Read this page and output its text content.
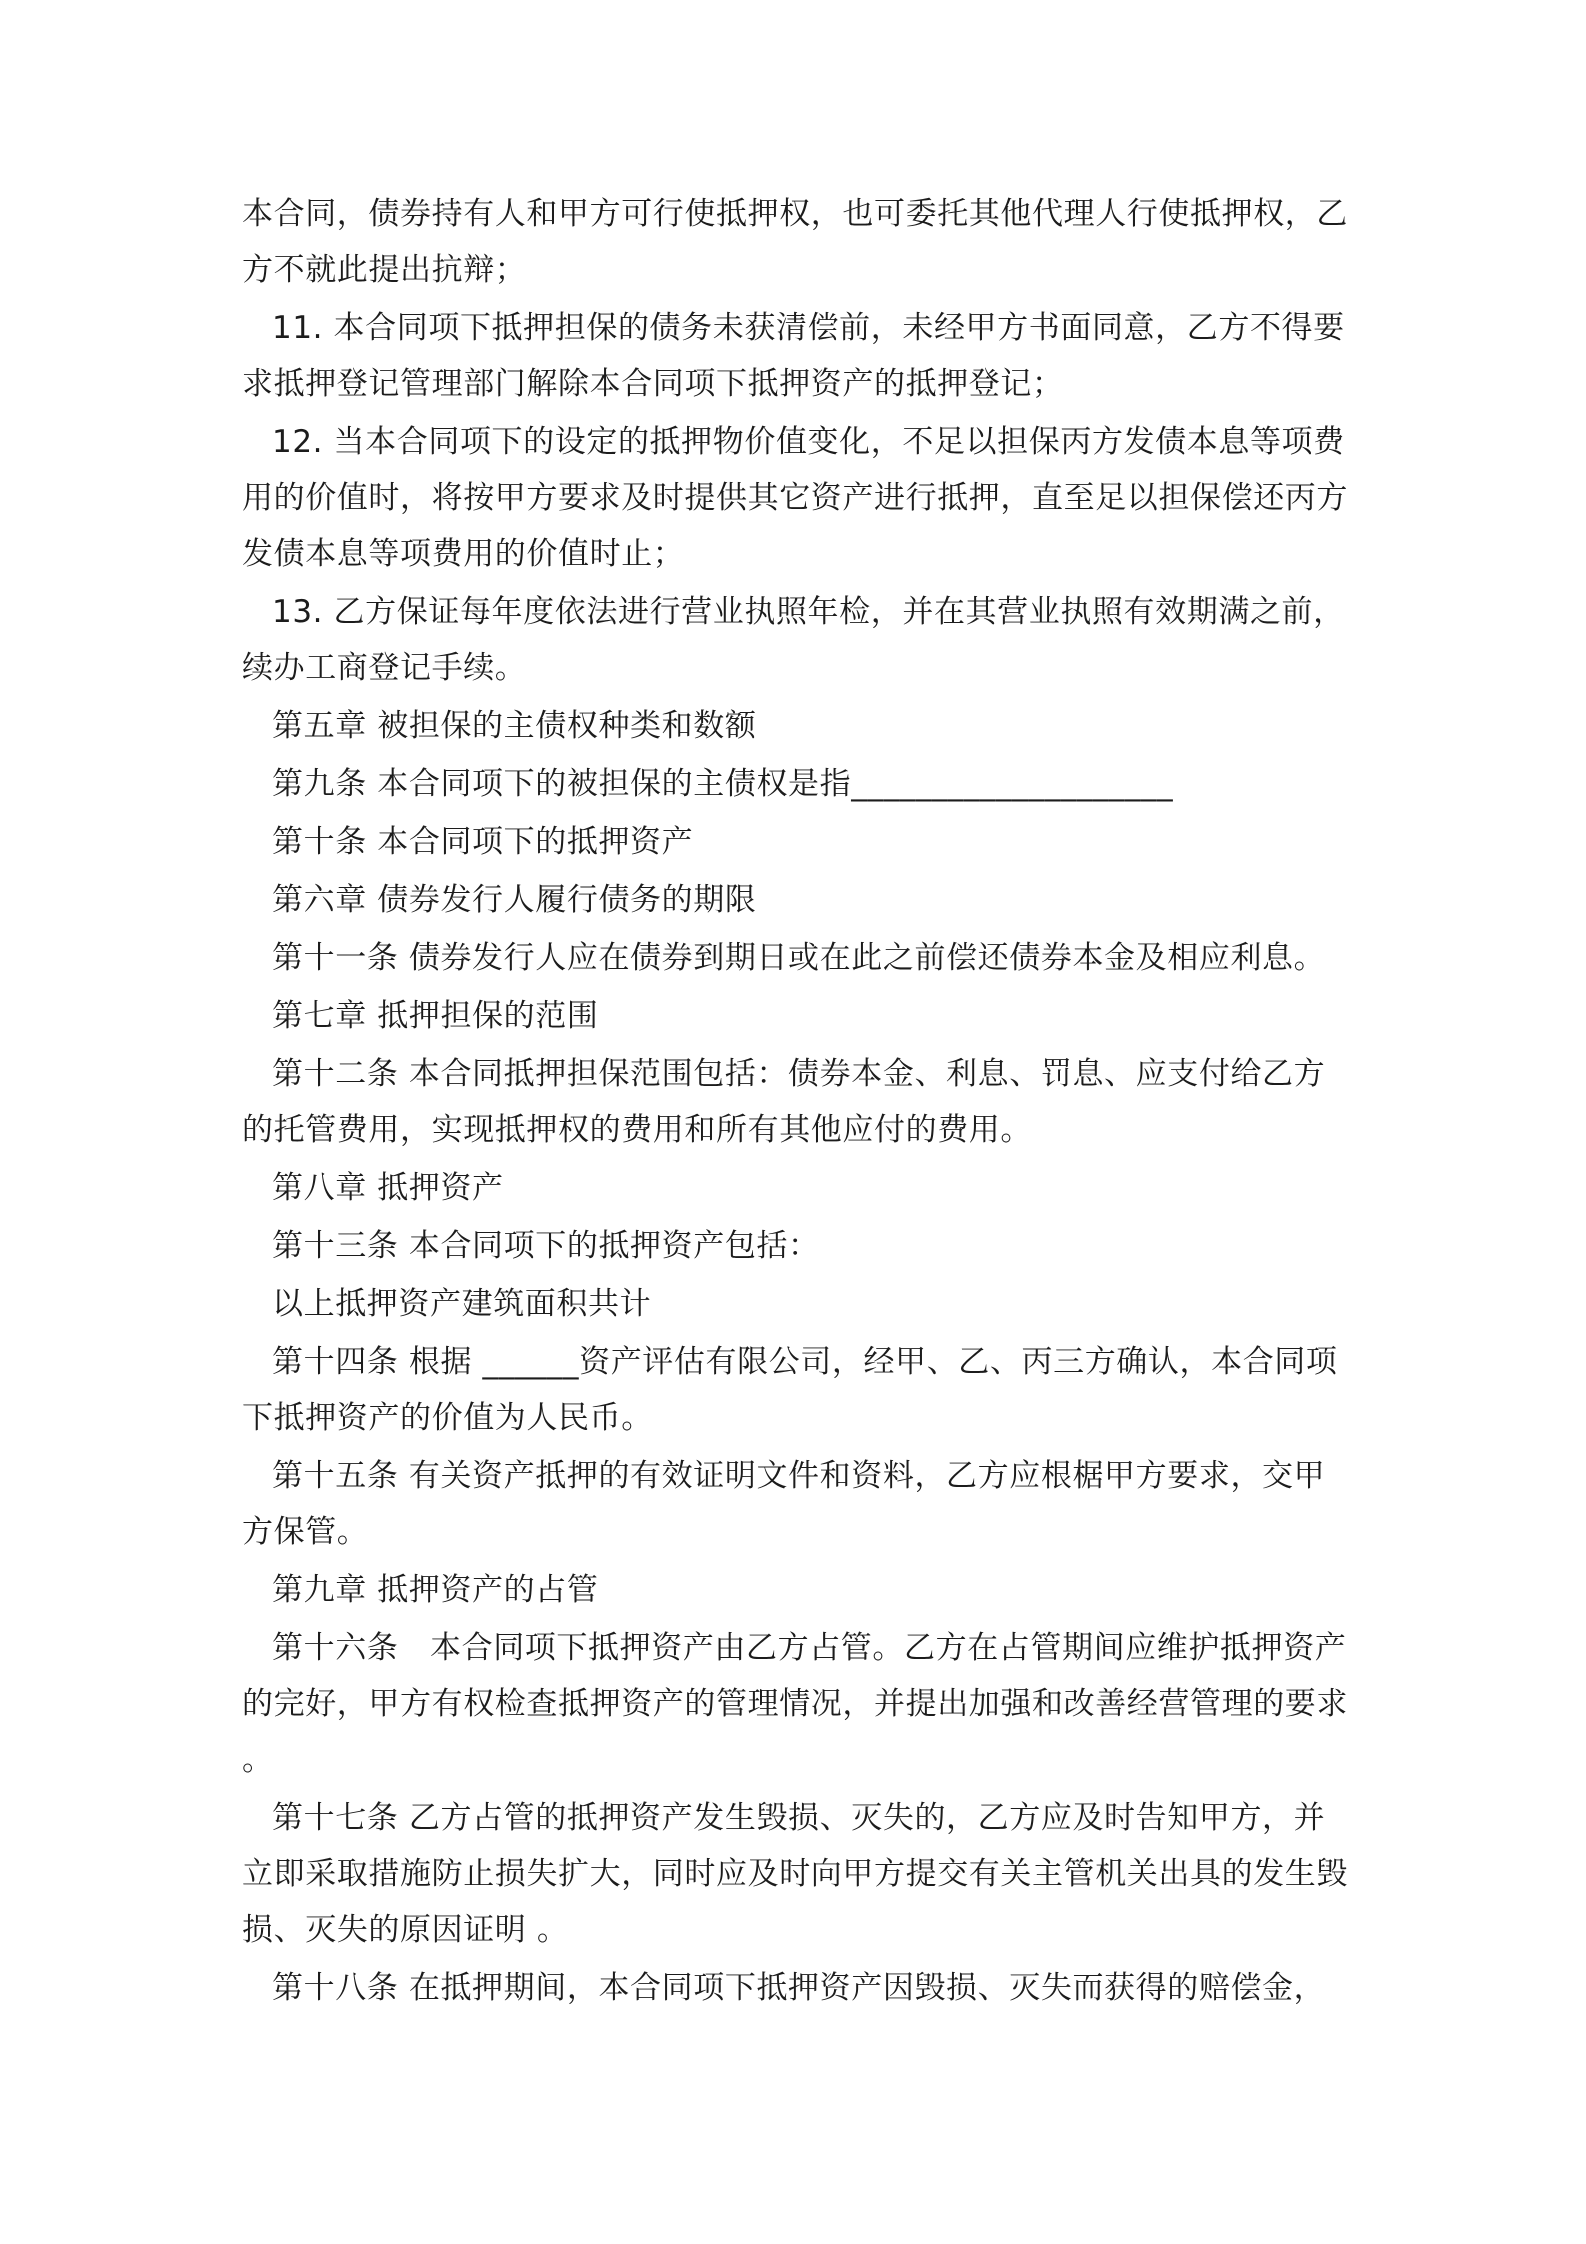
本合同，债券持有人和甲方可行使抵押权，也可委托其他代理人行使抵押权，乙方不就此提出抗辩；

11. 本合同项下抵押担保的债务未获清偿前，未经甲方书面同意，乙方不得要求抵押登记管理部门解除本合同项下抵押资产的抵押登记；

12. 当本合同项下的设定的抵押物价值变化，不足以担保丙方发债本息等项费用的价值时，将按甲方要求及时提供其它资产进行抵押，直至足以担保偿还丙方发债本息等项费用的价值时止；

13. 乙方保证每年度依法进行营业执照年检，并在其营业执照有效期满之前，续办工商登记手续。

第五章 被担保的主债权种类和数额

第九条 本合同项下的被担保的主债权是指____________________

第十条 本合同项下的抵押资产

第六章 债券发行人履行债务的期限

第十一条 债券发行人应在债券到期日或在此之前偿还债券本金及相应利息。

第七章 抵押担保的范围

第十二条 本合同抵押担保范围包括：债券本金、利息、罚息、应支付给乙方的托管费用，实现抵押权的费用和所有其他应付的费用。

第八章 抵押资产

第十三条 本合同项下的抵押资产包括：

以上抵押资产建筑面积共计

第十四条 根据 ______资产评估有限公司，经甲、乙、丙三方确认，本合同项下抵押资产的价值为人民币。

第十五条 有关资产抵押的有效证明文件和资料，乙方应根椐甲方要求，交甲方保管。

第九章 抵押资产的占管

第十六条　本合同项下抵押资产由乙方占管。乙方在占管期间应维护抵押资产的完好，甲方有权检查抵押资产的管理情况，并提出加强和改善经营管理的要求。

第十七条 乙方占管的抵押资产发生毁损、灭失的，乙方应及时告知甲方，并立即采取措施防止损失扩大，同时应及时向甲方提交有关主管机关出具的发生毁损、灭失的原因证明 。

第十八条 在抵押期间，本合同项下抵押资产因毁损、灭失而获得的赔偿金，
